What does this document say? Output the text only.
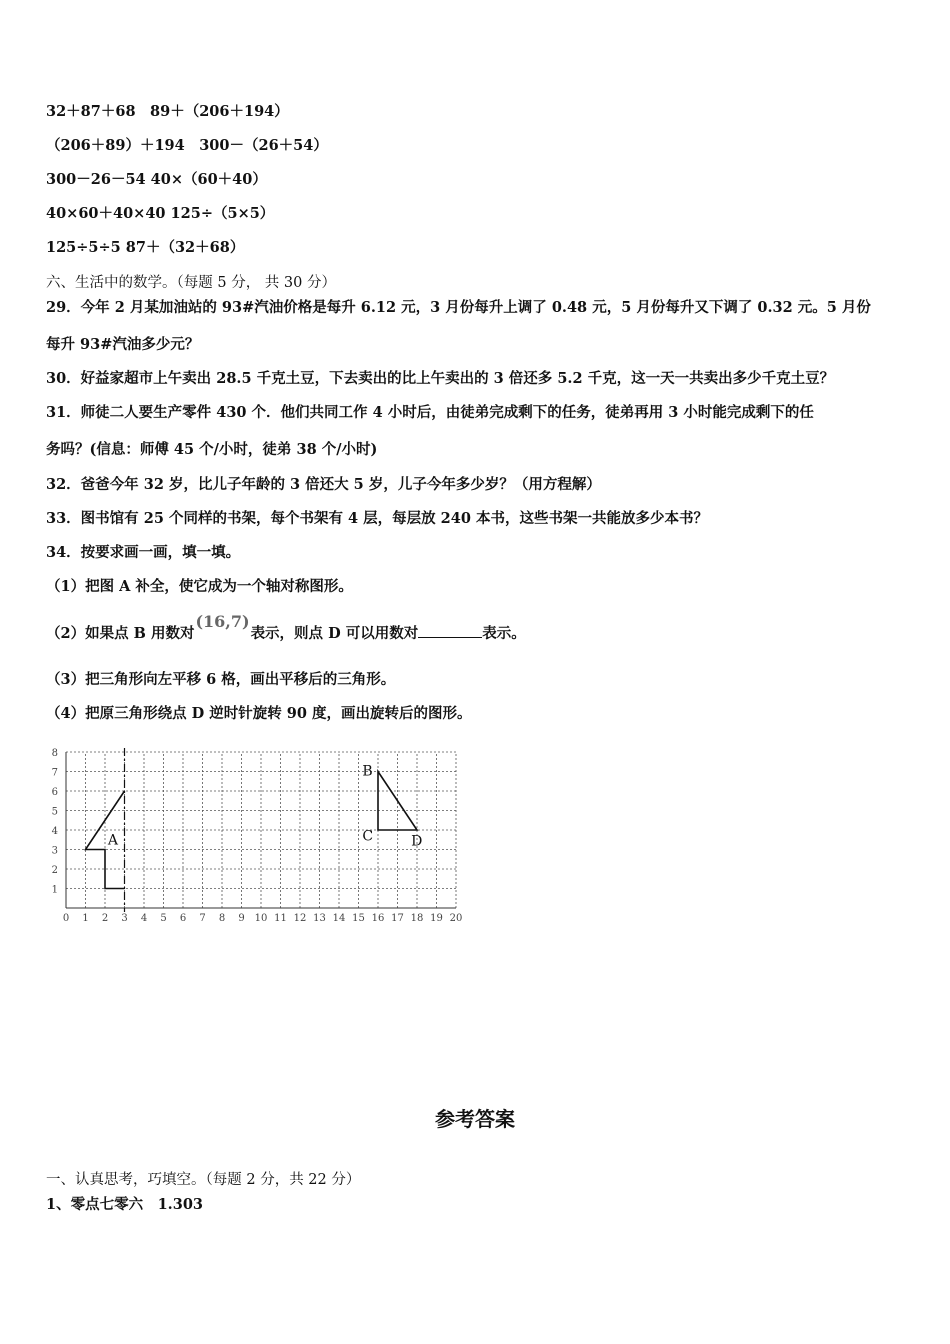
32＋87＋68　89＋（206＋194）
（206＋89）＋194　300－（26＋54）
300－26－54 40×（60＋40）
40×60＋40×40 125÷（5×5）
125÷5÷5 87＋（32＋68）
六、生活中的数学。（每题 5 分， 共 30 分）
29．今年 2 月某加油站的 93#汽油价格是每升 6.12 元，3 月份每升上调了 0.48 元，5 月份每升又下调了 0.32 元。5 月份
每升 93#汽油多少元？
30．好益家超市上午卖出 28.5 千克土豆，下去卖出的比上午卖出的 3 倍还多 5.2 千克，这一天一共卖出多少千克土豆？
31．师徒二人要生产零件 430 个．他们共同工作 4 小时后，由徒弟完成剩下的任务，徒弟再用 3 小时能完成剩下的任
务吗？(信息：师傅 45 个/小时，徒弟 38 个/小时)
32．爸爸今年 32 岁，比儿子年龄的 3 倍还大 5 岁，儿子今年多少岁？（用方程解）
33．图书馆有 25 个同样的书架，每个书架有 4 层，每层放 240 本书，这些书架一共能放多少本书？
34．按要求画一画，填一填。
（1）把图 A 补全，使它成为一个轴对称图形。
（2）如果点 B 用数对(16,7)表示，则点 D 可以用数对	表示。
（3）把三角形向左平移 6 格，画出平移后的三角形。
（4）把原三角形绕点 D 逆时针旋转 90 度，画出旋转后的图形。
0 1 2 3 4 5 6 7 8 9 10 11 12 13 14 15 16 17 18 19 20
1
2
3
4
5
6
7
8
A
B
C	D
参考答案
一、认真思考，巧填空。（每题 2 分，共 22 分）
1、零点七零六　1.303
